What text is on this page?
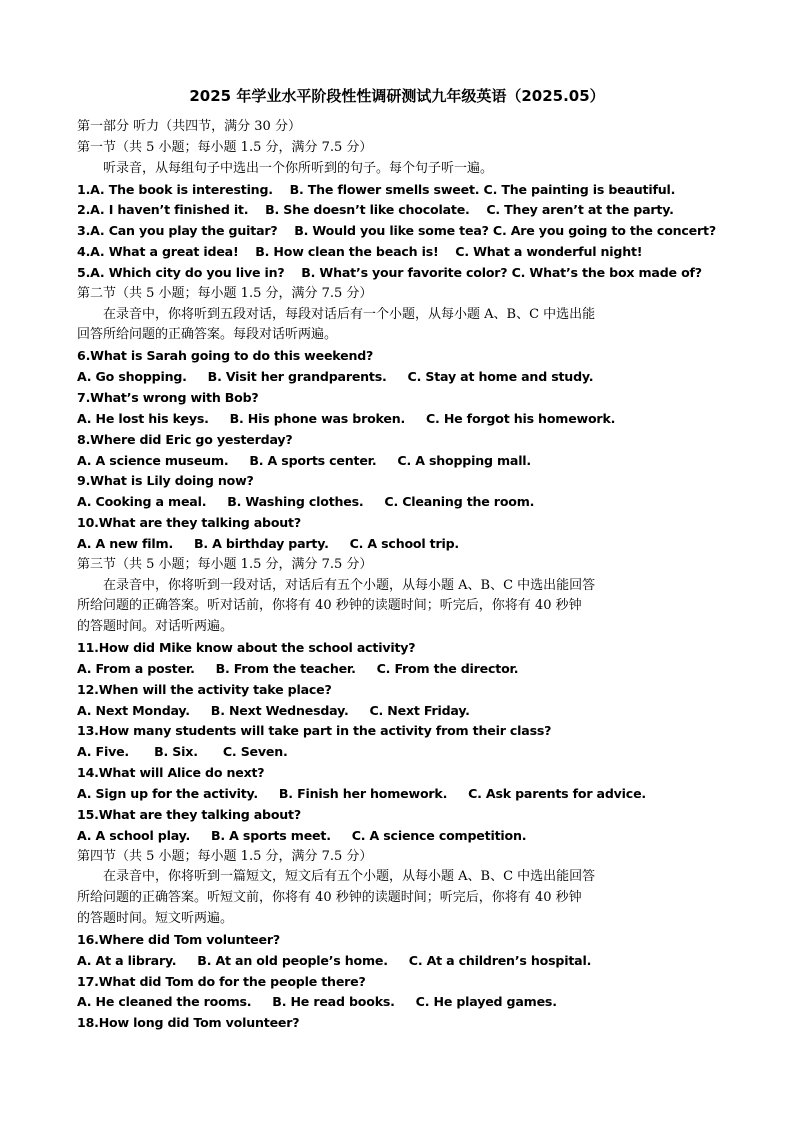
2025 年学业水平阶段性性调研测试九年级英语（2025.05）
第一部分 听力（共四节，满分 30 分）
第一节（共 5 小题；每小题 1.5 分，满分 7.5 分）
听录音，从每组句子中选出一个你所听到的句子。每个句子听一遍。
1.A. The book is interesting.    B. The flower smells sweet. C. The painting is beautiful.
2.A. I haven’t finished it.    B. She doesn’t like chocolate.    C. They aren’t at the party.
3.A. Can you play the guitar?    B. Would you like some tea? C. Are you going to the concert?
4.A. What a great idea!    B. How clean the beach is!    C. What a wonderful night!
5.A. Which city do you live in?    B. What’s your favorite color? C. What’s the box made of?
第二节（共 5 小题；每小题 1.5 分，满分 7.5 分）
在录音中，你将听到五段对话，每段对话后有一个小题，从每小题 A、B、C 中选出能
回答所给问题的正确答案。每段对话听两遍。
6.What is Sarah going to do this weekend?
A. Go shopping.     B. Visit her grandparents.     C. Stay at home and study.
7.What’s wrong with Bob?
A. He lost his keys.     B. His phone was broken.     C. He forgot his homework.
8.Where did Eric go yesterday?
A. A science museum.     B. A sports center.     C. A shopping mall.
9.What is Lily doing now?
A. Cooking a meal.     B. Washing clothes.     C. Cleaning the room.
10.What are they talking about?
A. A new film.     B. A birthday party.     C. A school trip.
第三节（共 5 小题；每小题 1.5 分，满分 7.5 分）
在录音中，你将听到一段对话，对话后有五个小题，从每小题 A、B、C 中选出能回答
所给问题的正确答案。听对话前，你将有 40 秒钟的读题时间；听完后，你将有 40 秒钟
的答题时间。对话听两遍。
11.How did Mike know about the school activity?
A. From a poster.     B. From the teacher.     C. From the director.
12.When will the activity take place?
A. Next Monday.     B. Next Wednesday.     C. Next Friday.
13.How many students will take part in the activity from their class?
A. Five.      B. Six.      C. Seven.
14.What will Alice do next?
A. Sign up for the activity.     B. Finish her homework.     C. Ask parents for advice.
15.What are they talking about?
A. A school play.     B. A sports meet.     C. A science competition.
第四节（共 5 小题；每小题 1.5 分，满分 7.5 分）
在录音中，你将听到一篇短文，短文后有五个小题，从每小题 A、B、C 中选出能回答
所给问题的正确答案。听短文前，你将有 40 秒钟的读题时间；听完后，你将有 40 秒钟
的答题时间。短文听两遍。
16.Where did Tom volunteer?
A. At a library.     B. At an old people’s home.     C. At a children’s hospital.
17.What did Tom do for the people there?
A. He cleaned the rooms.     B. He read books.     C. He played games.
18.How long did Tom volunteer?
